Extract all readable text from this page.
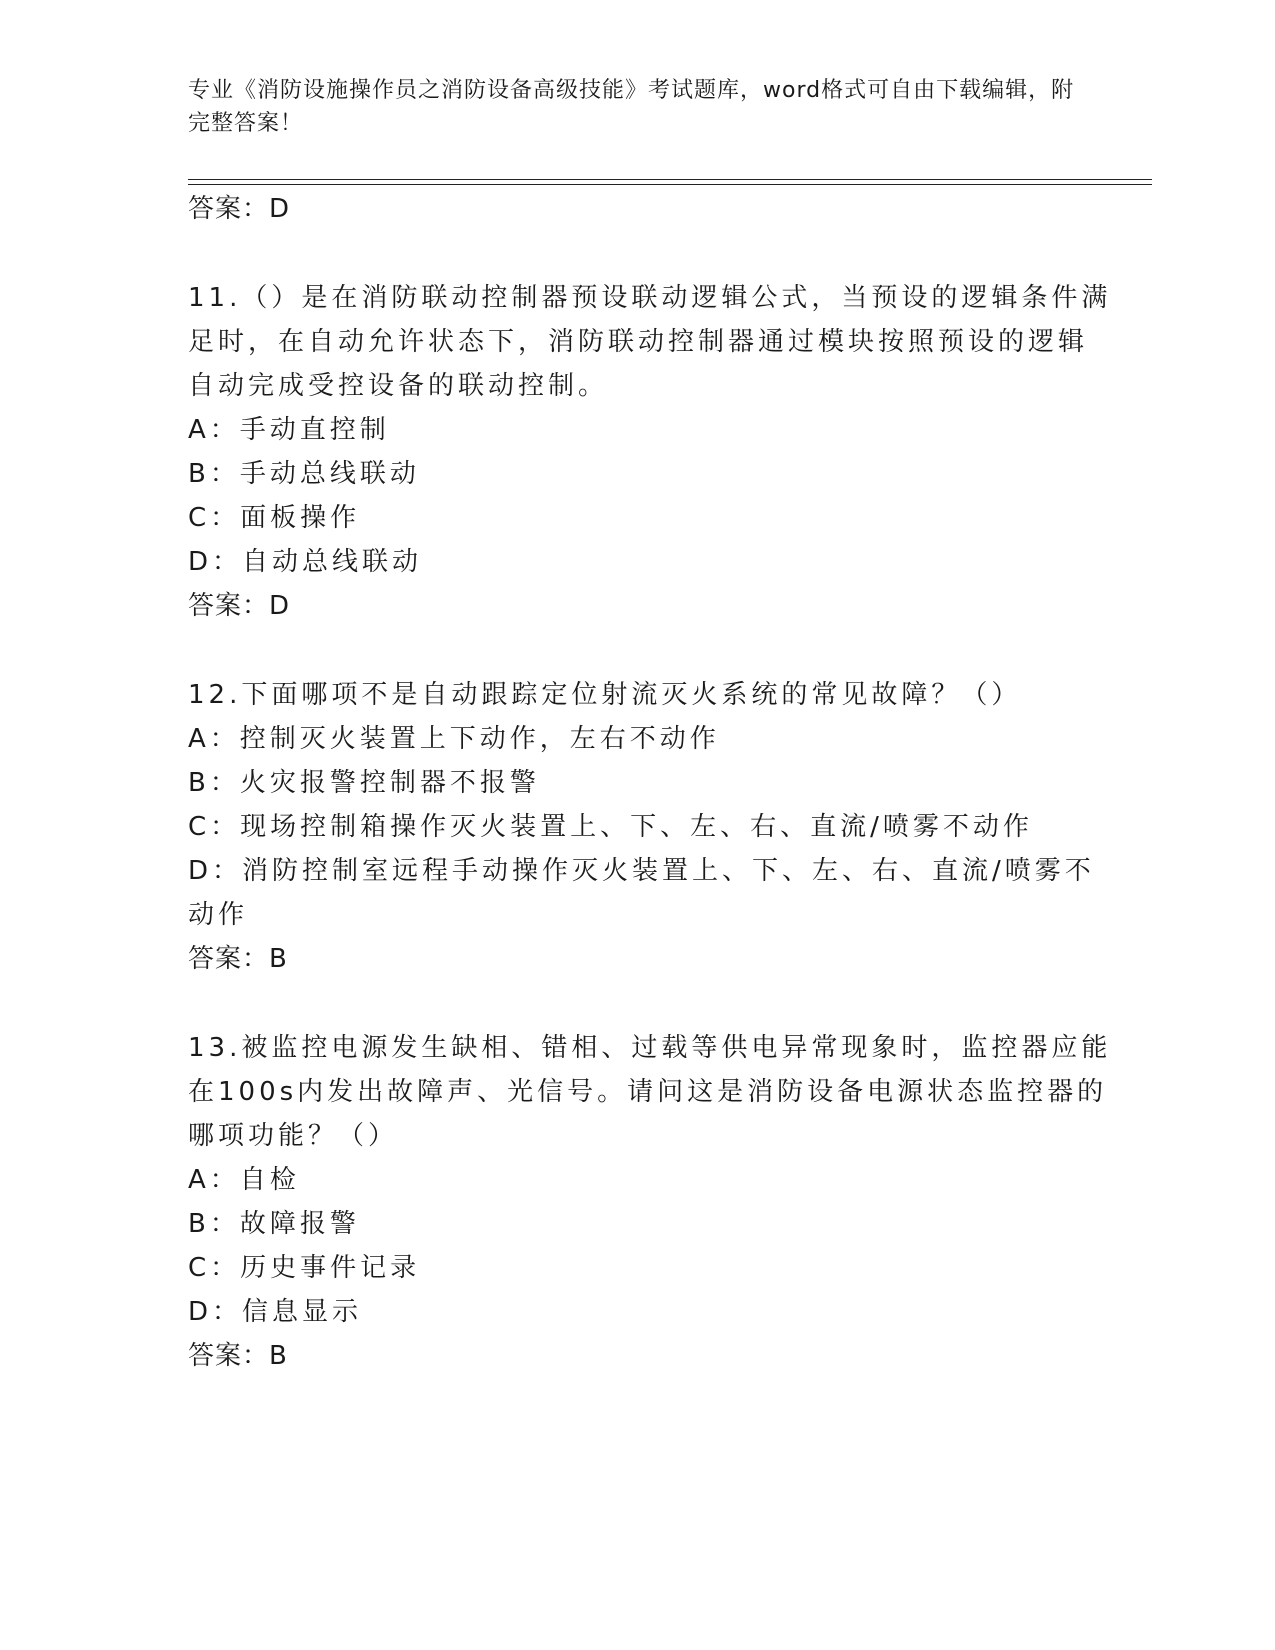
专业《消防设施操作员之消防设备高级技能》考试题库，word格式可自由下载编辑，附完整答案！
答案：D
11.（）是在消防联动控制器预设联动逻辑公式，当预设的逻辑条件满
足时，在自动允许状态下，消防联动控制器通过模块按照预设的逻辑
自动完成受控设备的联动控制。
A：手动直控制
B：手动总线联动
C：面板操作
D：自动总线联动
答案：D
12.下面哪项不是自动跟踪定位射流灭火系统的常见故障？（）
A：控制灭火装置上下动作，左右不动作
B：火灾报警控制器不报警
C：现场控制箱操作灭火装置上、下、左、右、直流/喷雾不动作
D：消防控制室远程手动操作灭火装置上、下、左、右、直流/喷雾不
动作
答案：B
13.被监控电源发生缺相、错相、过载等供电异常现象时，监控器应能
在100s内发出故障声、光信号。请问这是消防设备电源状态监控器的
哪项功能？（）
A：自检
B：故障报警
C：历史事件记录
D：信息显示
答案：B
